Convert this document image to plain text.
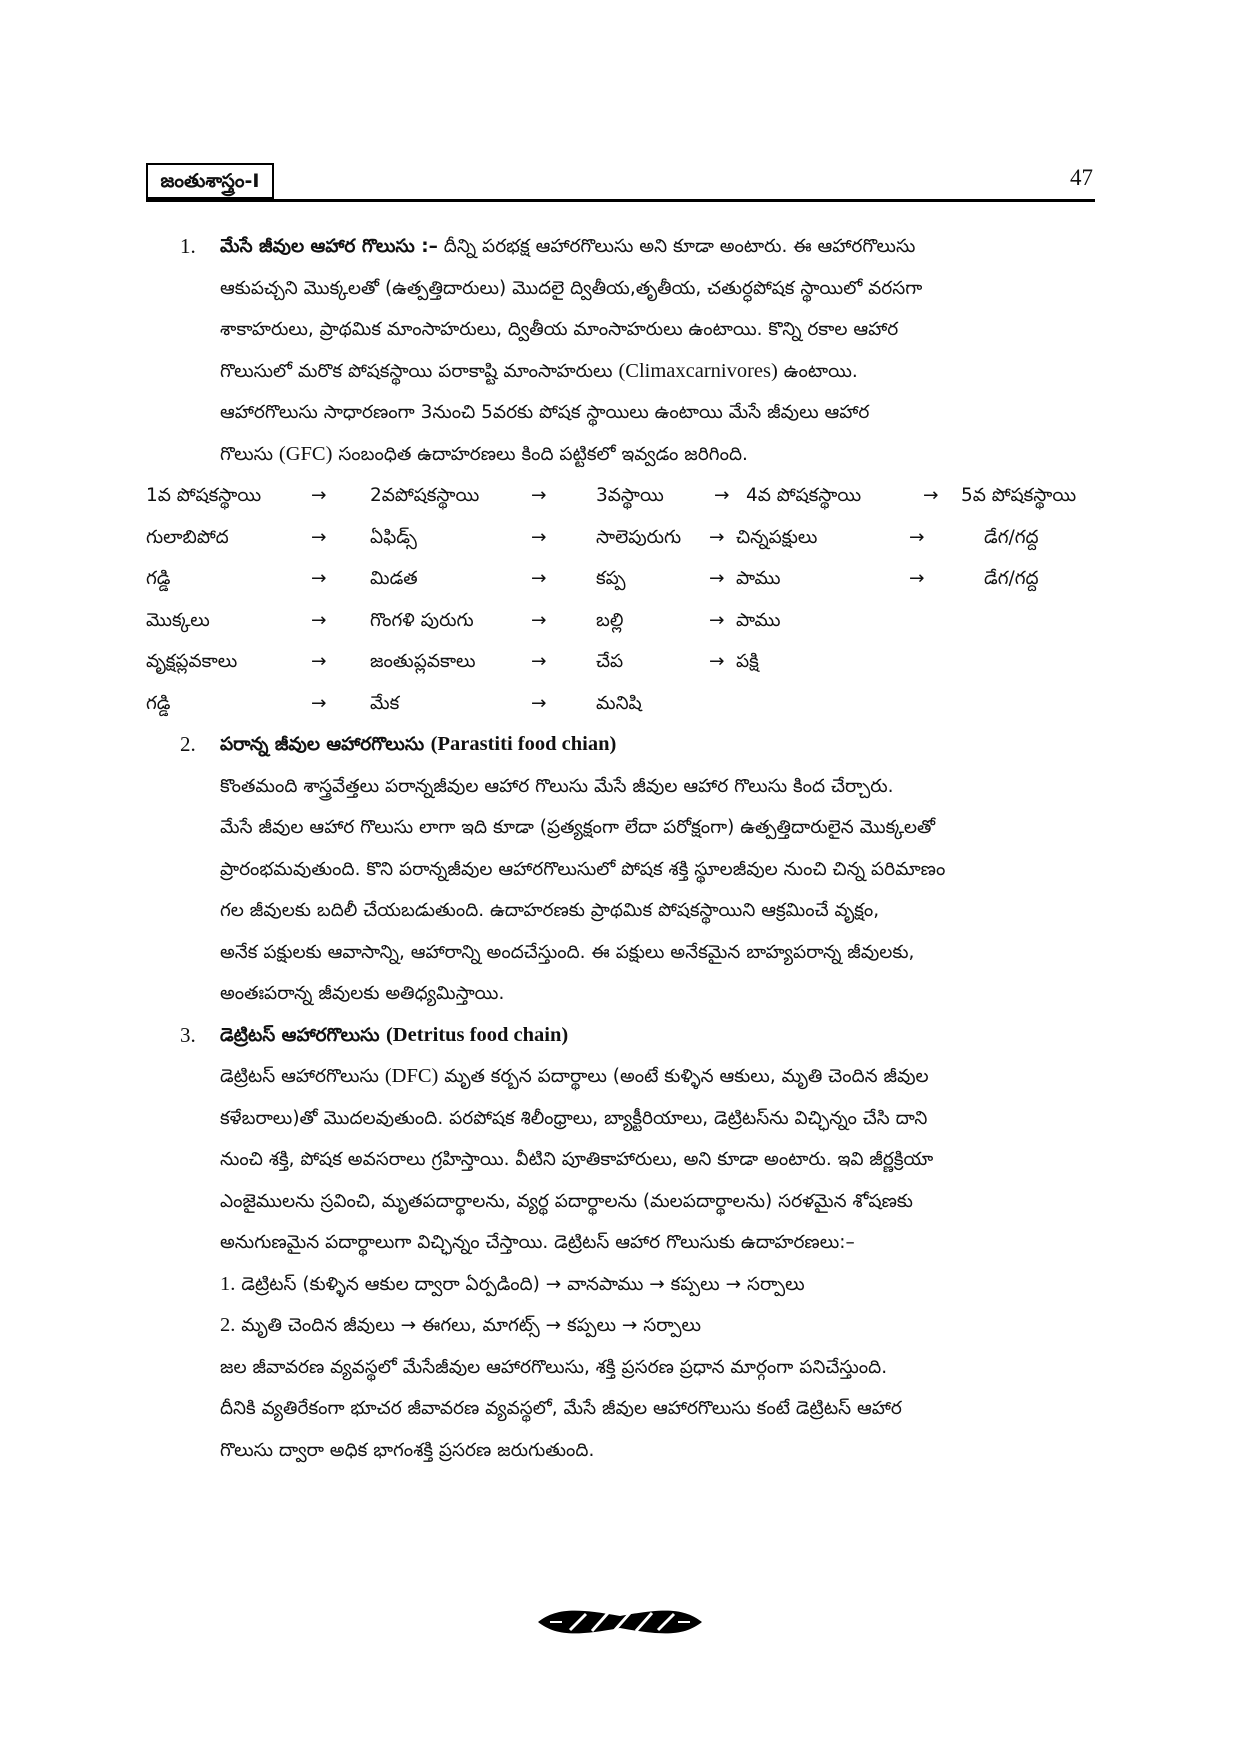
జంతుశాస్త్రం-I	47
1. మేసే జీవుల ఆహార గొలుసు :– దీన్ని పరభక్ష ఆహారగొలుసు అని కూడా అంటారు. ఈ ఆహారగొలుసు
ఆకుపచ్చని మొక్కలతో (ఉత్పత్తిదారులు) మొదలై ద్వితీయ,తృతీయ, చతుర్ధపోషక స్థాయిలో వరసగా
శాకాహరులు, ప్రాథమిక మాంసాహరులు, ద్వితీయ మాంసాహరులు ఉంటాయి. కొన్ని రకాల ఆహార
గొలుసులో మరొక పోషకస్థాయి పరాకాష్టి మాంసాహరులు (Climaxcarnivores) ఉంటాయి.
ఆహారగొలుసు సాధారణంగా 3నుంచి 5వరకు పోషక స్థాయిలు ఉంటాయి మేసే జీవులు ఆహార
గొలుసు (GFC) సంబంధిత ఉదాహరణలు కింది పట్టికలో ఇవ్వడం జరిగింది.
1వ పోషకస్థాయి	→ 2వపోషకస్థాయి	→	3వస్థాయి	→ 4వ పోషకస్థాయి	→ 5వ పోషకస్థాయి
గులాబిపోద	→ ఏఫిడ్స్	→	సాలెపురుగు → చిన్నపక్షులు	→	డేగ/గద్ద
గడ్డి	→ మిడత	→	కప్ప	→ పాము	→	డేగ/గద్ద
మొక్కలు	→ గొంగళి పురుగు	→	బల్లి	→ పాము
వృక్షప్లవకాలు	→ జంతుప్లవకాలు	→	చేప	→ పక్షి
గడ్డి	→ మేక	→	మనిషి
2. పరాన్న జీవుల ఆహారగొలుసు (Parastiti food chian)
కొంతమంది శాస్త్రవేత్తలు పరాన్నజీవుల ఆహార గొలుసు మేసే జీవుల ఆహార గొలుసు కింద చేర్చారు.
మేసే జీవుల ఆహార గొలుసు లాగా ఇది కూడా (ప్రత్యక్షంగా లేదా పరోక్షంగా) ఉత్పత్తిదారులైన మొక్కలతో
ప్రారంభమవుతుంది. కొని పరాన్నజీవుల ఆహారగొలుసులో పోషక శక్తి స్థూలజీవుల నుంచి చిన్న పరిమాణం
గల జీవులకు బదిలీ చేయబడుతుంది. ఉదాహరణకు ప్రాథమిక పోషకస్థాయిని ఆక్రమించే వృక్షం,
అనేక పక్షులకు ఆవాసాన్ని, ఆహారాన్ని అందచేస్తుంది. ఈ పక్షులు అనేకమైన బాహ్యపరాన్న జీవులకు,
అంతఃపరాన్న జీవులకు అతిధ్యమిస్తాయి.
3. డెట్రిటస్ ఆహారగొలుసు (Detritus food chain)
డెట్రిటస్ ఆహారగొలుసు (DFC) మృత కర్బన పదార్థాలు (అంటే కుళ్ళిన ఆకులు, మృతి చెందిన జీవుల
కళేబరాలు)తో మొదలవుతుంది. పరపోషక శిలీంధ్రాలు, బ్యాక్టీరియాలు, డెట్రిటస్‌ను విచ్ఛిన్నం చేసి దాని
నుంచి శక్తి, పోషక అవసరాలు గ్రహిస్తాయి. వీటిని పూతికాహారులు, అని కూడా అంటారు. ఇవి జీర్ణక్రియా
ఎంజైములను స్రవించి, మృతపదార్థాలను, వ్యర్థ పదార్థాలను (మలపదార్థాలను) సరళమైన శోషణకు
అనుగుణమైన పదార్థాలుగా విచ్ఛిన్నం చేస్తాయి. డెట్రిటస్ ఆహార గొలుసుకు ఉదాహరణలు:–
1. డెట్రిటస్ (కుళ్ళిన ఆకుల ద్వారా ఏర్పడింది) → వానపాము → కప్పలు → సర్పాలు
2. మృతి చెందిన జీవులు → ఈగలు, మాగట్స్ → కప్పలు → సర్పాలు
జల జీవావరణ వ్యవస్థలో మేసేజీవుల ఆహారగొలుసు, శక్తి ప్రసరణ ప్రధాన మార్గంగా పనిచేస్తుంది.
దీనికి వ్యతిరేకంగా భూచర జీవావరణ వ్యవస్థలో, మేసే జీవుల ఆహారగొలుసు కంటే డెట్రిటస్ ఆహార
గొలుసు ద్వారా అధిక భాగంశక్తి ప్రసరణ జరుగుతుంది.
